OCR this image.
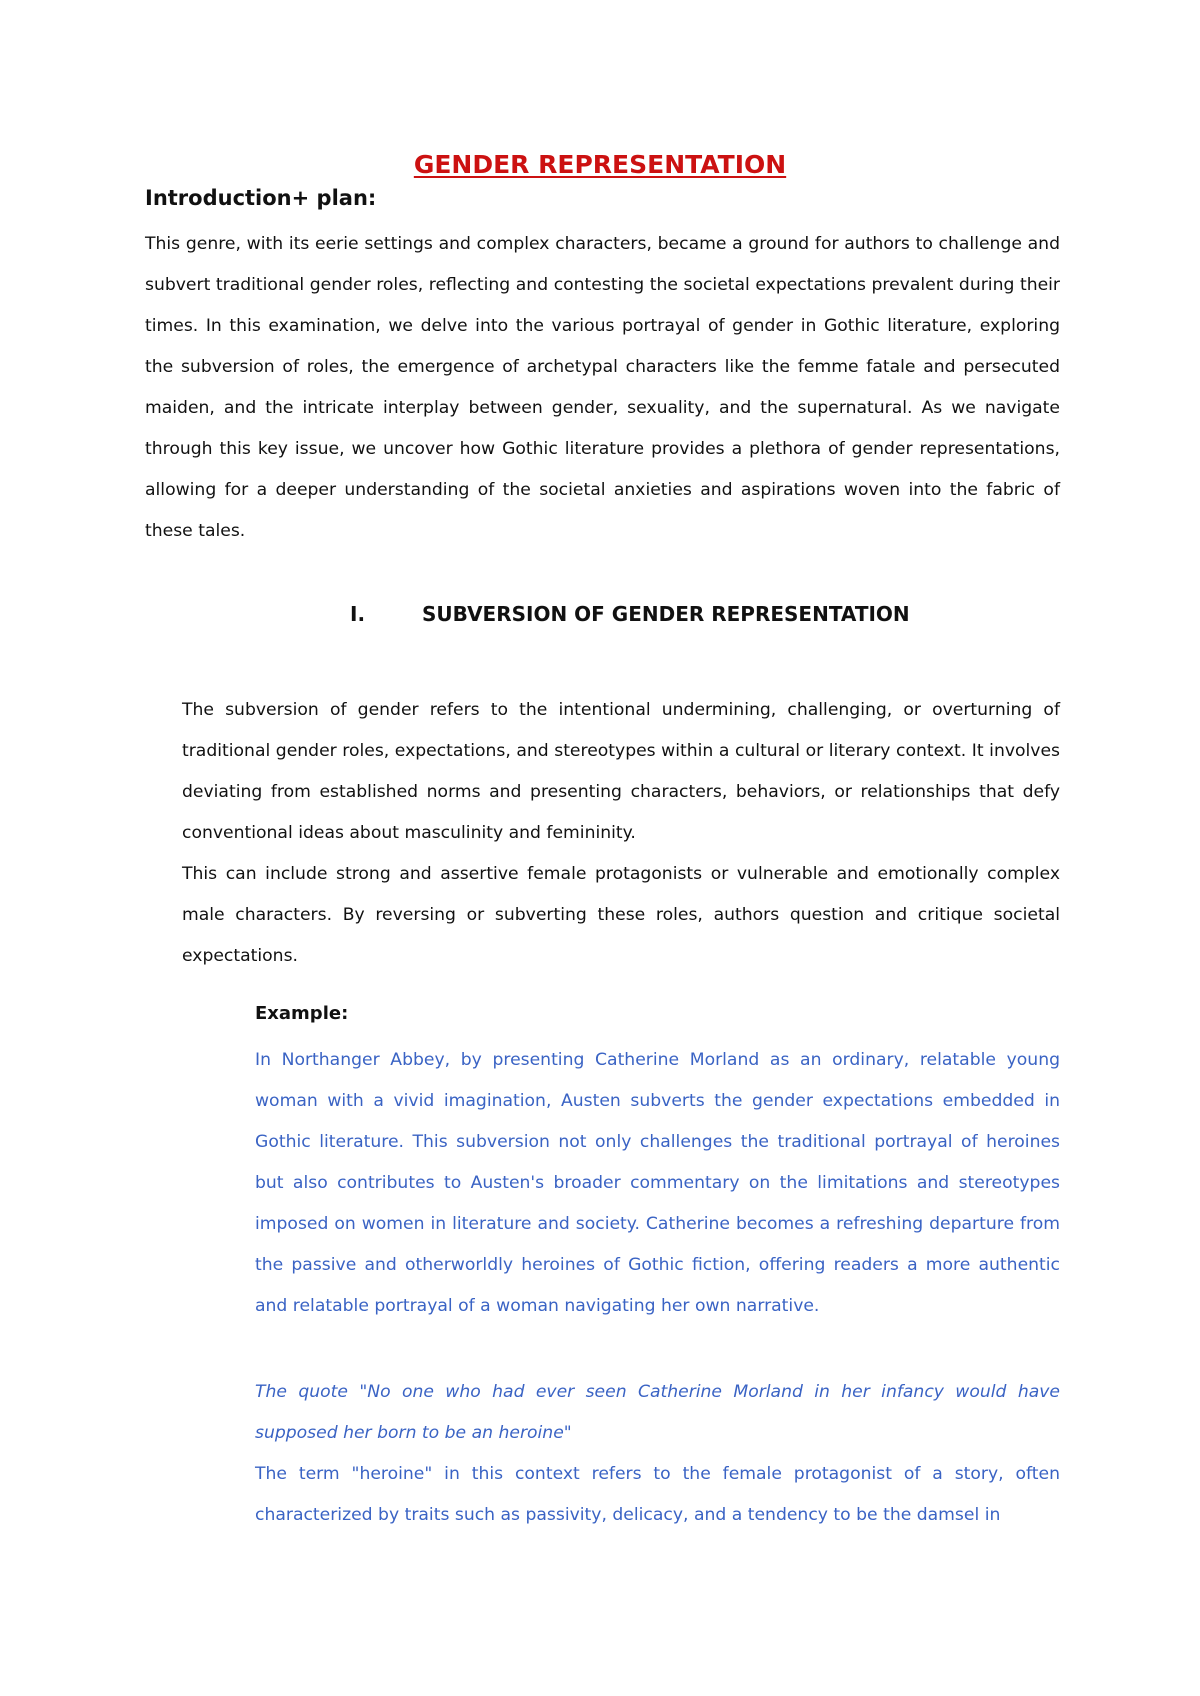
GENDER REPRESENTATION
Introduction+ plan:

This genre, with its eerie settings and complex characters, became a ground for authors to challenge and subvert traditional gender roles, reflecting and contesting the societal expectations prevalent during their times. In this examination, we delve into the various portrayal of gender in Gothic literature, exploring the subversion of roles, the emergence of archetypal characters like the femme fatale and persecuted maiden, and the intricate interplay between gender, sexuality, and the supernatural. As we navigate through this key issue, we uncover how Gothic literature provides a plethora of gender representations, allowing for a deeper understanding of the societal anxieties and aspirations woven into the fabric of these tales.

I.	SUBVERSION OF GENDER REPRESENTATION

The subversion of gender refers to the intentional undermining, challenging, or overturning of traditional gender roles, expectations, and stereotypes within a cultural or literary context. It involves deviating from established norms and presenting characters, behaviors, or relationships that defy conventional ideas about masculinity and femininity.

This can include strong and assertive female protagonists or vulnerable and emotionally complex male characters. By reversing or subverting these roles, authors question and critique societal expectations.

Example:

In Northanger Abbey, by presenting Catherine Morland as an ordinary, relatable young woman with a vivid imagination, Austen subverts the gender expectations embedded in Gothic literature. This subversion not only challenges the traditional portrayal of heroines but also contributes to Austen's broader commentary on the limitations and stereotypes imposed on women in literature and society. Catherine becomes a refreshing departure from the passive and otherworldly heroines of Gothic fiction, offering readers a more authentic and relatable portrayal of a woman navigating her own narrative.

The quote "No one who had ever seen Catherine Morland in her infancy would have supposed her born to be an heroine"

The term "heroine" in this context refers to the female protagonist of a story, often characterized by traits such as passivity, delicacy, and a tendency to be the damsel in
